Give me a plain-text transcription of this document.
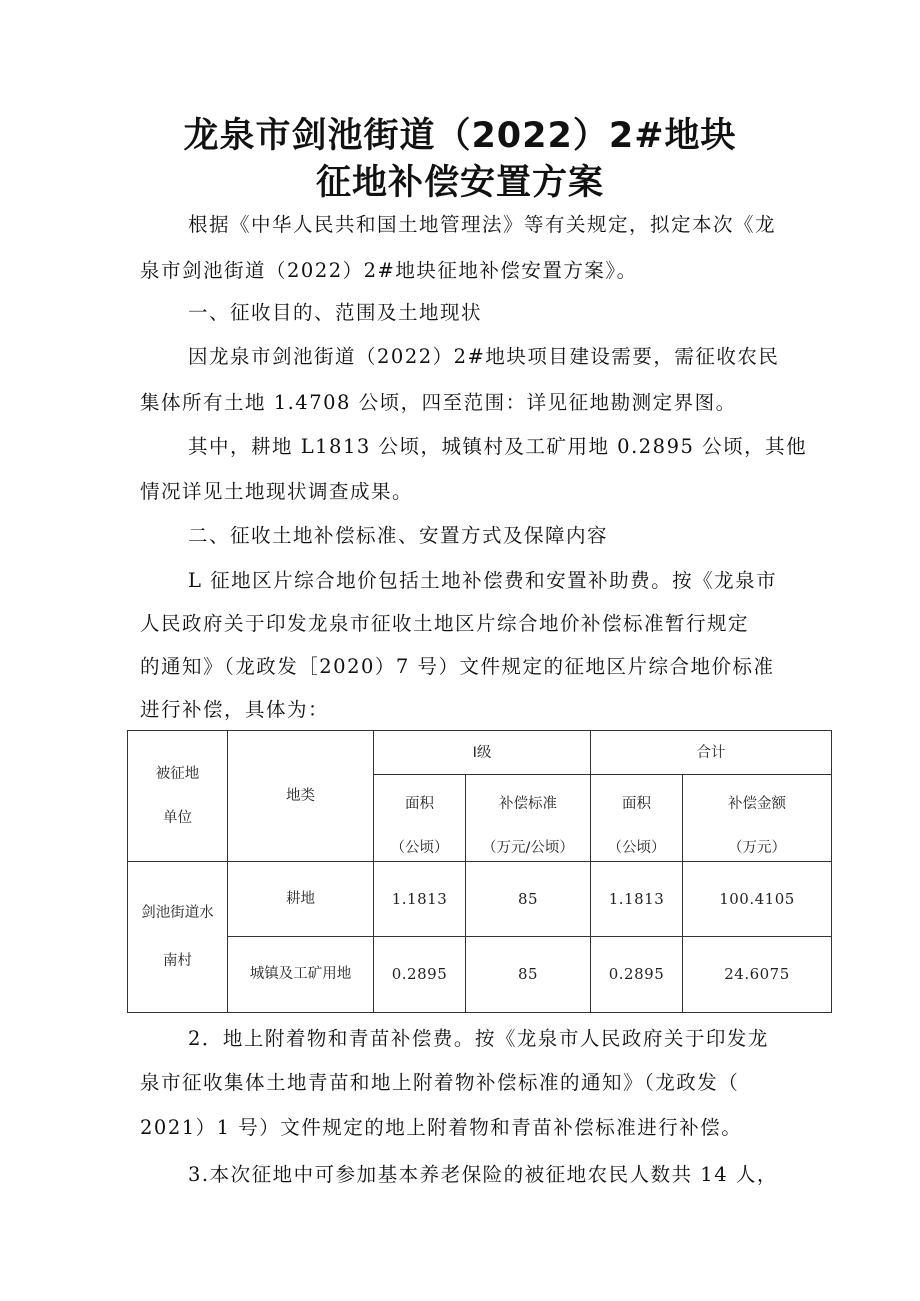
龙泉市剑池街道（2022）2#地块
征地补偿安置方案

根据《中华人民共和国土地管理法》等有关规定，拟定本次《龙

泉市剑池街道（2022）2#地块征地补偿安置方案》。

一、征收目的、范围及土地现状

因龙泉市剑池街道（2022）2#地块项目建设需要，需征收农民

集体所有土地 1.4708 公顷，四至范围：详见征地勘测定界图。

其中，耕地 L1813 公顷，城镇村及工矿用地 0.2895 公顷，其他

情况详见土地现状调查成果。

二、征收土地补偿标准、安置方式及保障内容

L 征地区片综合地价包括土地补偿费和安置补助费。按《龙泉市

人民政府关于印发龙泉市征收土地区片综合地价补偿标准暂行规定

的通知》（龙政发［2020）7 号）文件规定的征地区片综合地价标准

进行补偿，具体为：

被征地
单位	地类	Ⅰ级		合计	

		面积
（公顷）	补偿标准
（万元/公顷）	面积
（公顷）	补偿金额
（万元）

剑池街道水
南村	耕地	1.1813	85	1.1813	100.4105
	城镇及工矿用地	0.2895	85	0.2895	24.6075

2．地上附着物和青苗补偿费。按《龙泉市人民政府关于印发龙

泉市征收集体土地青苗和地上附着物补偿标准的通知》（龙政发（

2021）1 号）文件规定的地上附着物和青苗补偿标准进行补偿。

3.本次征地中可参加基本养老保险的被征地农民人数共 14 人，
